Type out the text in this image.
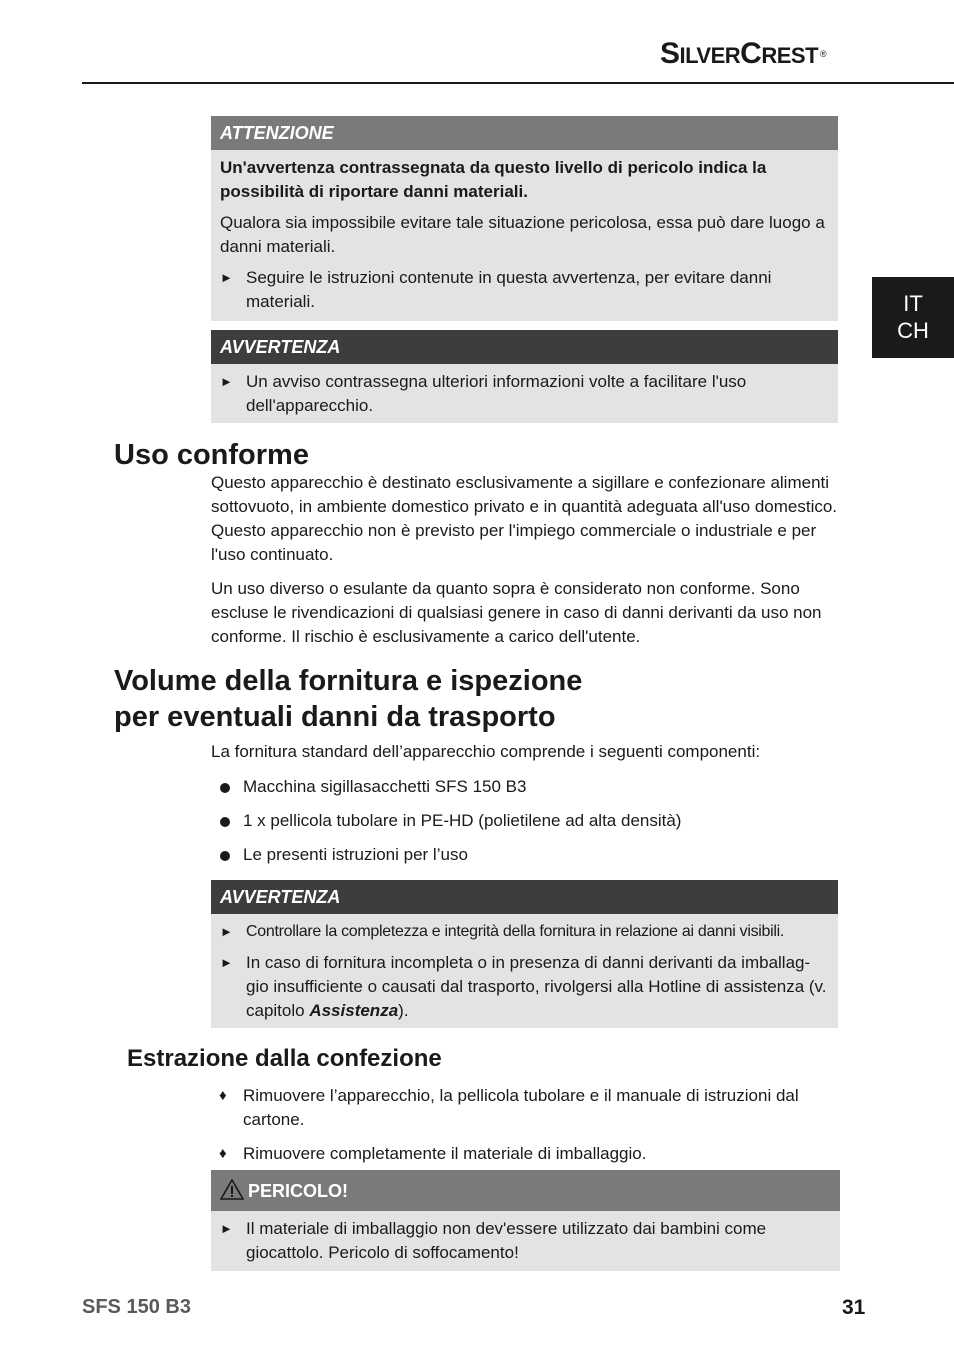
SILVERCREST ®
IT
CH
ATTENZIONE
Un'avvertenza contrassegnata da questo livello di pericolo indica la possibilità di riportare danni materiali.
Qualora sia impossibile evitare tale situazione pericolosa, essa può dare luogo a danni materiali.
► Seguire le istruzioni contenute in questa avvertenza, per evitare danni materiali.
AVVERTENZA
► Un avviso contrassegna ulteriori informazioni volte a facilitare l'uso dell'apparecchio.
Uso conforme
Questo apparecchio è destinato esclusivamente a sigillare e confezionare alimenti sottovuoto, in ambiente domestico privato e in quantità adeguata all'uso domestico. Questo apparecchio non è previsto per l'impiego commerciale o industriale e per l'uso continuato.
Un uso diverso o esulante da quanto sopra è considerato non conforme. Sono escluse le rivendicazioni di qualsiasi genere in caso di danni derivanti da uso non conforme. Il rischio è esclusivamente a carico dell'utente.
Volume della fornitura e ispezione
per eventuali danni da trasporto
La fornitura standard dell’apparecchio comprende i seguenti componenti:
Macchina sigillasacchetti SFS 150 B3
1 x pellicola tubolare in PE-HD (polietilene ad alta densità)
Le presenti istruzioni per l’uso
AVVERTENZA
► Controllare la completezza e integrità della fornitura in relazione ai danni visibili.
► In caso di fornitura incompleta o in presenza di danni derivanti da imballag-gio insufficiente o causati dal trasporto, rivolgersi alla Hotline di assistenza (v. capitolo Assistenza).
Estrazione dalla confezione
♦ Rimuovere l’apparecchio, la pellicola tubolare e il manuale di istruzioni dal cartone.
♦ Rimuovere completamente il materiale di imballaggio.
PERICOLO!
► Il materiale di imballaggio non dev'essere utilizzato dai bambini come giocattolo. Pericolo di soffocamento!
SFS 150 B3	31
